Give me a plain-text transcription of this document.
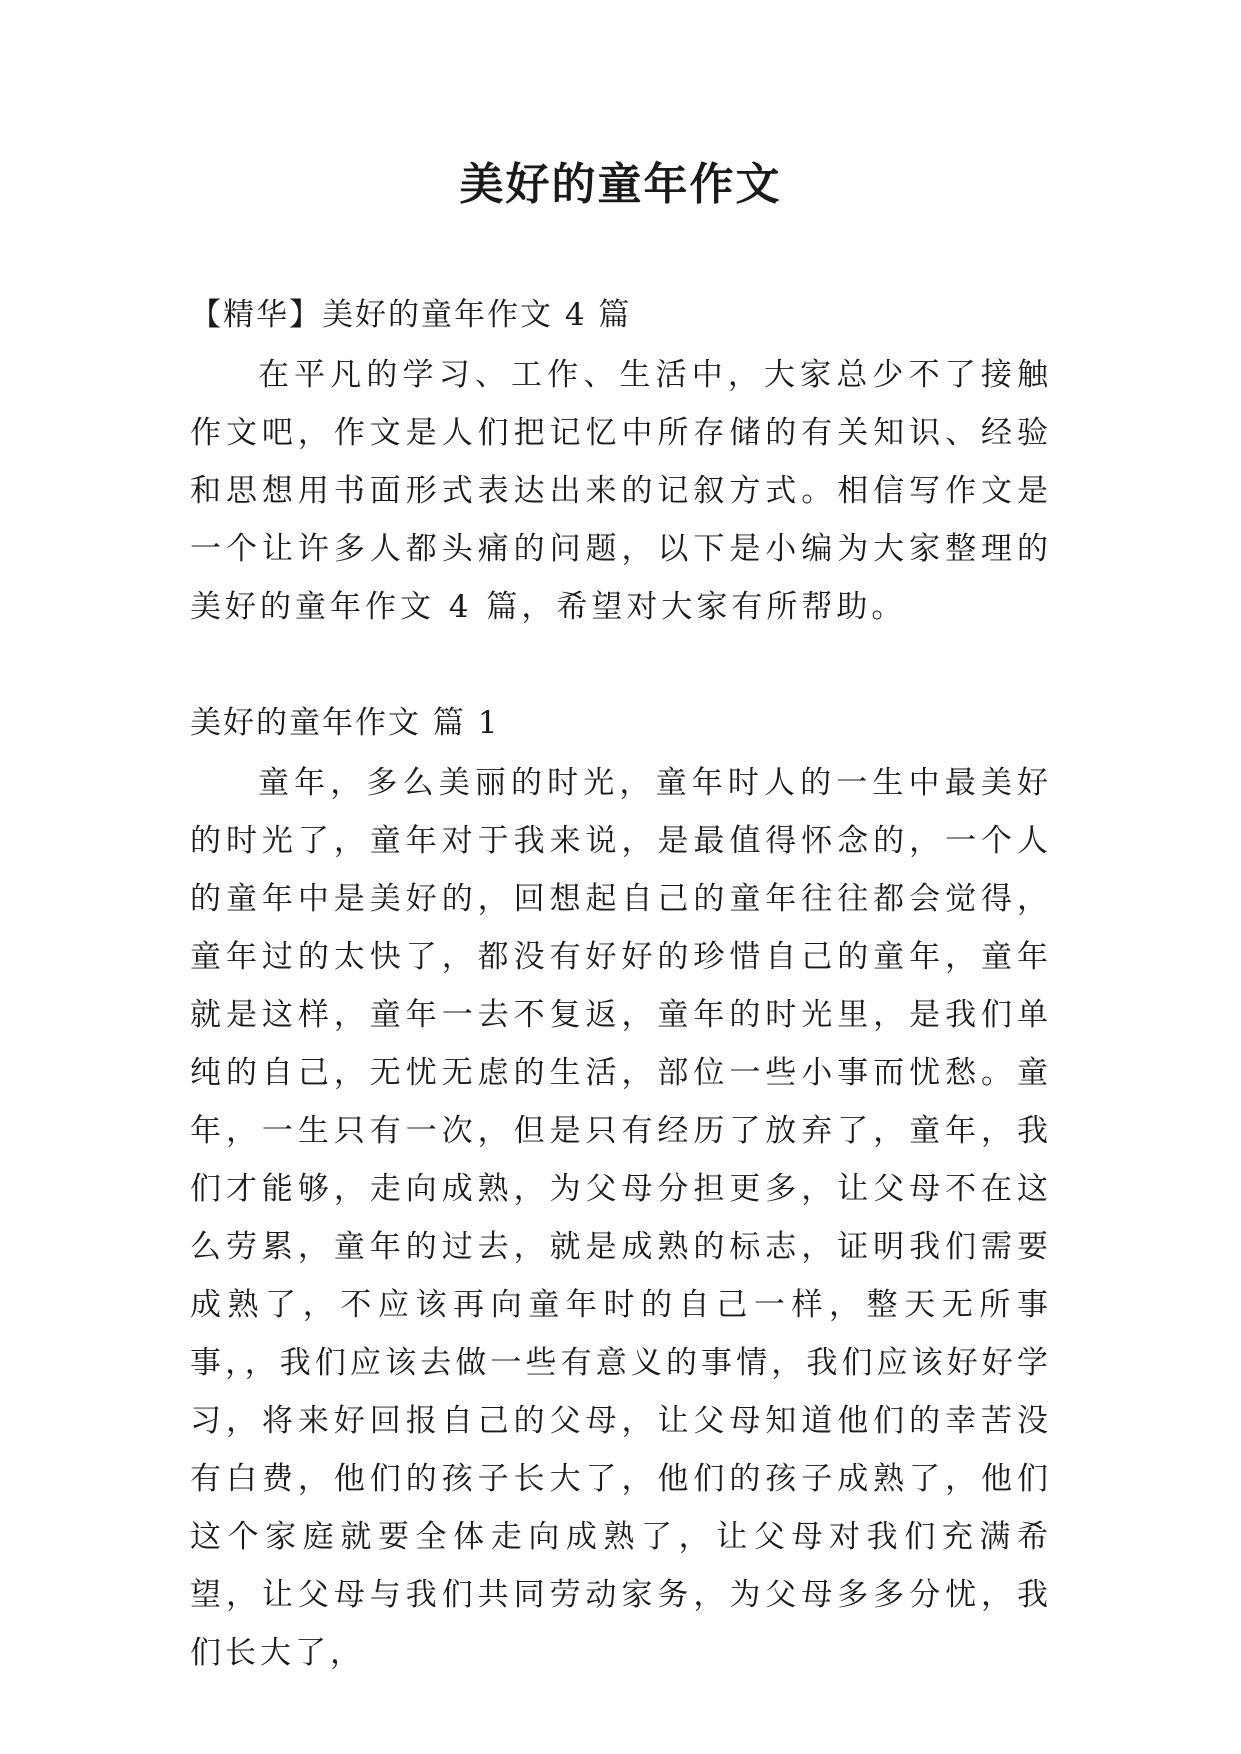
美好的童年作文
【精华】美好的童年作文 4 篇

在平凡的学习、工作、生活中，大家总少不了接触作文吧，作文是人们把记忆中所存储的有关知识、经验和思想用书面形式表达出来的记叙方式。相信写作文是一个让许多人都头痛的问题，以下是小编为大家整理的美好的童年作文 4 篇，希望对大家有所帮助。

美好的童年作文 篇 1

童年，多么美丽的时光，童年时人的一生中最美好的时光了，童年对于我来说，是最值得怀念的，一个人的童年中是美好的，回想起自己的童年往往都会觉得，童年过的太快了，都没有好好的珍惜自己的童年，童年就是这样，童年一去不复返，童年的时光里，是我们单纯的自己，无忧无虑的生活，部位一些小事而忧愁。童年，一生只有一次，但是只有经历了放弃了，童年，我们才能够，走向成熟，为父母分担更多，让父母不在这么劳累，童年的过去，就是成熟的标志，证明我们需要成熟了，不应该再向童年时的自己一样，整天无所事事，，我们应该去做一些有意义的事情，我们应该好好学习，将来好回报自己的父母，让父母知道他们的幸苦没有白费，他们的孩子长大了，他们的孩子成熟了，他们这个家庭就要全体走向成熟了，让父母对我们充满希望，让父母与我们共同劳动家务，为父母多多分忧，我们长大了，
